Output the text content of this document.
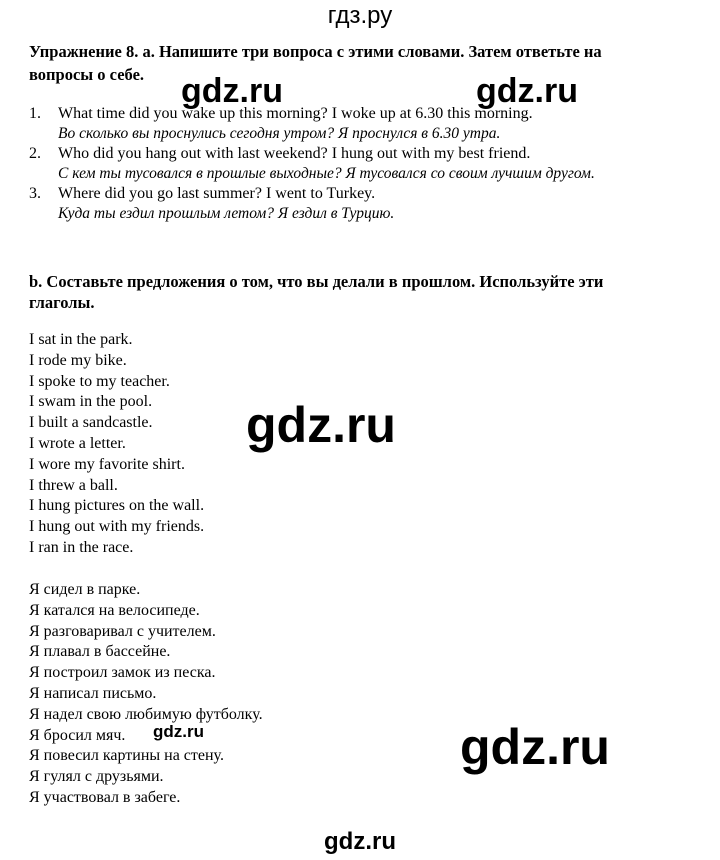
гдз.ру
Упражнение 8. a. Напишите три вопроса с этими словами. Затем ответьте на вопросы о себе.
1. What time did you wake up this morning? I woke up at 6.30 this morning.
Во сколько вы проснулись сегодня утром? Я проснулся в 6.30 утра.
2. Who did you hang out with last weekend? I hung out with my best friend.
С кем ты тусовался в прошлые выходные? Я тусовался со своим лучшим другом.
3. Where did you go last summer? I went to Turkey.
Куда ты ездил прошлым летом? Я ездил в Турцию.
b. Составьте предложения о том, что вы делали в прошлом. Используйте эти глаголы.
I sat in the park.
I rode my bike.
I spoke to my teacher.
I swam in the pool.
I built a sandcastle.
I wrote a letter.
I wore my favorite shirt.
I threw a ball.
I hung pictures on the wall.
I hung out with my friends.
I ran in the race.
Я сидел в парке.
Я катался на велосипеде.
Я разговаривал с учителем.
Я плавал в бассейне.
Я построил замок из песка.
Я написал письмо.
Я надел свою любимую футболку.
Я бросил мяч.
Я повесил картины на стену.
Я гулял с друзьями.
Я участвовал в забеге.
gdz.ru	gdz.ru
gdz.ru
gdz.ru	gdz.ru
gdz.ru
